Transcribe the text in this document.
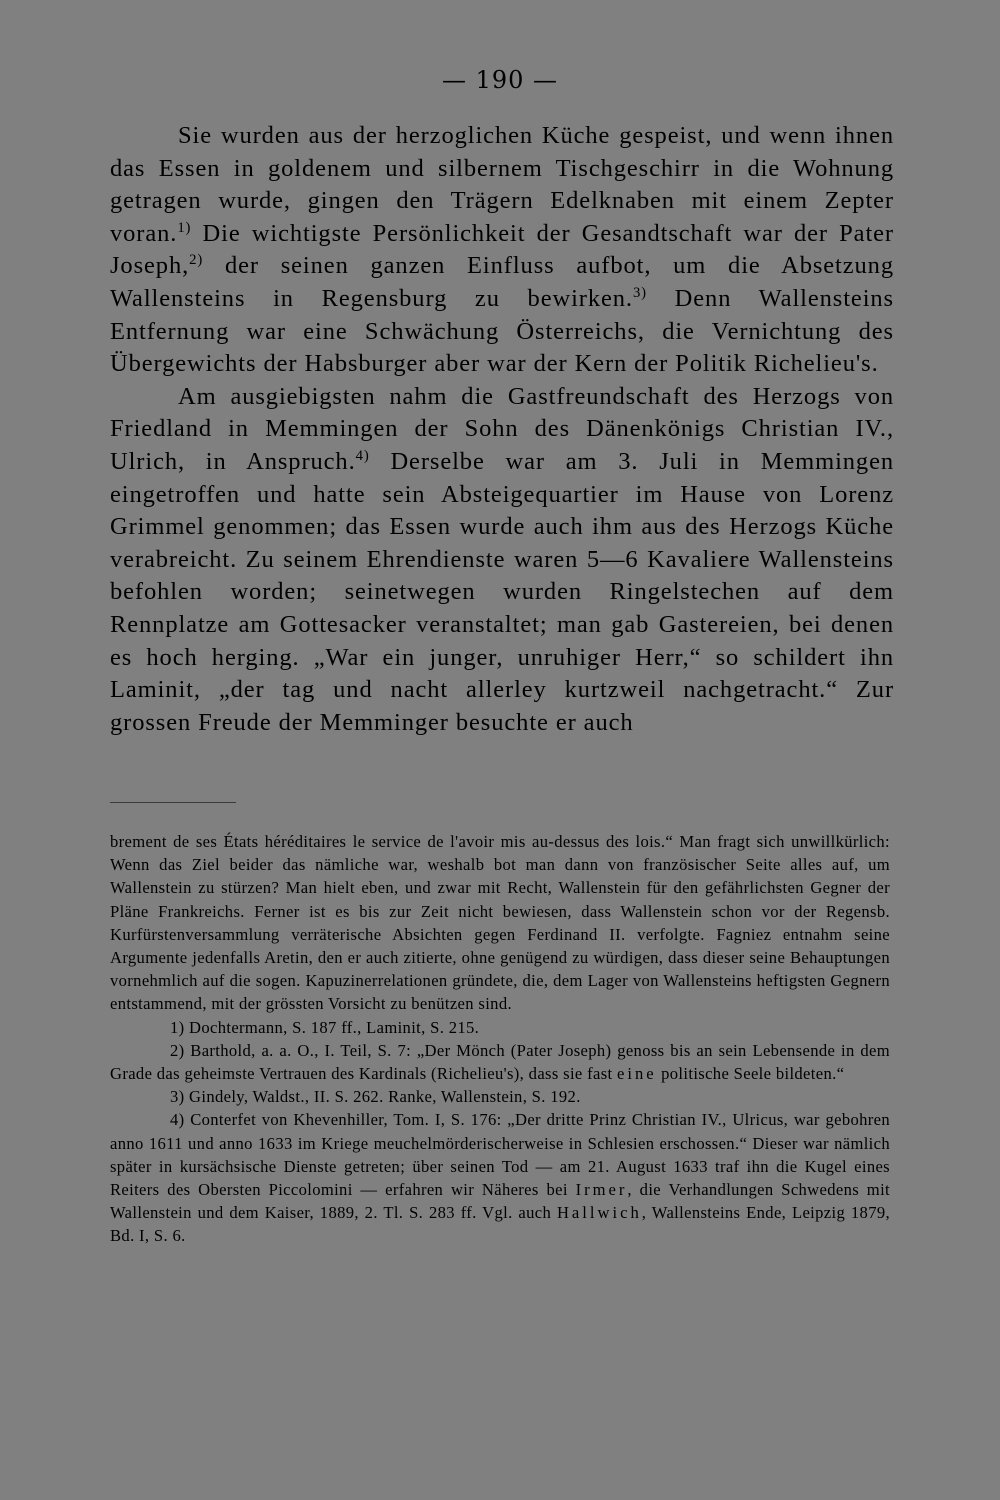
— 190 —

Sie wurden aus der herzoglichen Küche gespeist, und wenn ihnen das Essen in goldenem und silbernem Tischgeschirr in die Wohnung getragen wurde, gingen den Trägern Edelknaben mit einem Zepter voran.$^{1)}$ Die wichtigste Persönlichkeit der Gesandtschaft war der Pater Joseph,$^{2)}$ der seinen ganzen Einfluss aufbot, um die Absetzung Wallensteins in Regensburg zu bewirken.$^{3)}$ Denn Wallensteins Entfernung war eine Schwächung Österreichs, die Vernichtung des Übergewichts der Habsburger aber war der Kern der Politik Richelieu's.

Am ausgiebigsten nahm die Gastfreundschaft des Herzogs von Friedland in Memmingen der Sohn des Dänenkönigs Christian IV., Ulrich, in Anspruch.$^{4)}$ Derselbe war am 3. Juli in Memmingen eingetroffen und hatte sein Absteigequartier im Hause von Lorenz Grimmel genommen; das Essen wurde auch ihm aus des Herzogs Küche verabreicht. Zu seinem Ehrendienste waren 5—6 Kavaliere Wallensteins befohlen worden; seinetwegen wurden Ringelstechen auf dem Rennplatze am Gottesacker veranstaltet; man gab Gastereien, bei denen es hoch herging. „War ein junger, unruhiger Herr,“ so schildert ihn Laminit, „der tag und nacht allerley kurtzweil nachgetracht.“ Zur grossen Freude der Memminger besuchte er auch

brement de ses États héréditaires le service de l'avoir mis au-dessus des lois.“ Man fragt sich unwillkürlich: Wenn das Ziel beider das nämliche war, weshalb bot man dann von französischer Seite alles auf, um Wallenstein zu stürzen? Man hielt eben, und zwar mit Recht, Wallenstein für den gefährlichsten Gegner der Pläne Frankreichs. Ferner ist es bis zur Zeit nicht bewiesen, dass Wallenstein schon vor der Regensb. Kurfürstenversammlung verräterische Absichten gegen Ferdinand II. verfolgte. Fagniez entnahm seine Argumente jedenfalls Aretin, den er auch zitierte, ohne genügend zu würdigen, dass dieser seine Behauptungen vornehmlich auf die sogen. Kapuzinerrelationen gründete, die, dem Lager von Wallensteins heftigsten Gegnern entstammend, mit der grössten Vorsicht zu benützen sind.

1) Dochtermann, S. 187 ff., Laminit, S. 215.

2) Barthold, a. a. O., I. Teil, S. 7: „Der Mönch (Pater Joseph) genoss bis an sein Lebensende in dem Grade das geheimste Vertrauen des Kardinals (Richelieu's), dass sie fast eine politische Seele bildeten.“

3) Gindely, Waldst., II. S. 262. Ranke, Wallenstein, S. 192.

4) Conterfet von Khevenhiller, Tom. I, S. 176: „Der dritte Prinz Christian IV., Ulricus, war gebohren anno 1611 und anno 1633 im Kriege meuchelmörderischerweise in Schlesien erschossen.“ Dieser war nämlich später in kursächsische Dienste getreten; über seinen Tod — am 21. August 1633 traf ihn die Kugel eines Reiters des Obersten Piccolomini — erfahren wir Näheres bei Irmer, die Verhandlungen Schwedens mit Wallenstein und dem Kaiser, 1889, 2. Tl. S. 283 ff. Vgl. auch Hallwich, Wallensteins Ende, Leipzig 1879, Bd. I, S. 6.
